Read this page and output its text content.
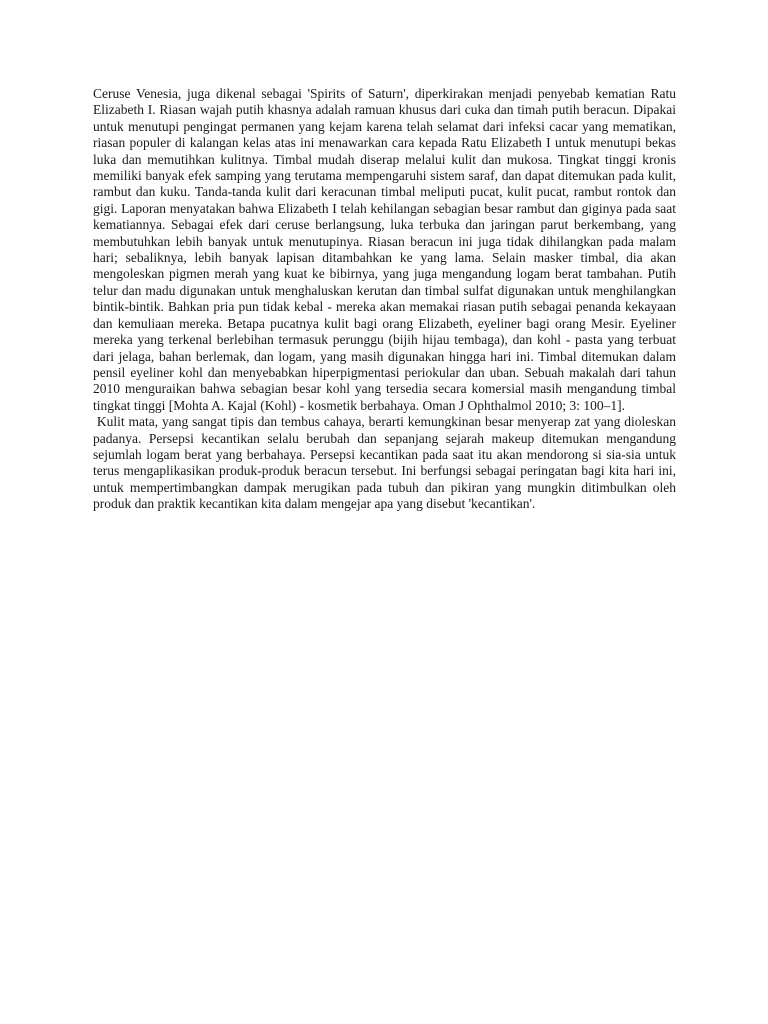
Ceruse Venesia, juga dikenal sebagai 'Spirits of Saturn', diperkirakan menjadi penyebab kematian Ratu Elizabeth I. Riasan wajah putih khasnya adalah ramuan khusus dari cuka dan timah putih beracun. Dipakai untuk menutupi pengingat permanen yang kejam karena telah selamat dari infeksi cacar yang mematikan, riasan populer di kalangan kelas atas ini menawarkan cara kepada Ratu Elizabeth I untuk menutupi bekas luka dan memutihkan kulitnya. Timbal mudah diserap melalui kulit dan mukosa. Tingkat tinggi kronis memiliki banyak efek samping yang terutama mempengaruhi sistem saraf, dan dapat ditemukan pada kulit, rambut dan kuku. Tanda-tanda kulit dari keracunan timbal meliputi pucat, kulit pucat, rambut rontok dan gigi. Laporan menyatakan bahwa Elizabeth I telah kehilangan sebagian besar rambut dan giginya pada saat kematiannya. Sebagai efek dari ceruse berlangsung, luka terbuka dan jaringan parut berkembang, yang membutuhkan lebih banyak untuk menutupinya. Riasan beracun ini juga tidak dihilangkan pada malam hari; sebaliknya, lebih banyak lapisan ditambahkan ke yang lama. Selain masker timbal, dia akan mengoleskan pigmen merah yang kuat ke bibirnya, yang juga mengandung logam berat tambahan. Putih telur dan madu digunakan untuk menghaluskan kerutan dan timbal sulfat digunakan untuk menghilangkan bintik-bintik. Bahkan pria pun tidak kebal - mereka akan memakai riasan putih sebagai penanda kekayaan dan kemuliaan mereka. Betapa pucatnya kulit bagi orang Elizabeth, eyeliner bagi orang Mesir. Eyeliner mereka yang terkenal berlebihan termasuk perunggu (bijih hijau tembaga), dan kohl - pasta yang terbuat dari jelaga, bahan berlemak, dan logam, yang masih digunakan hingga hari ini. Timbal ditemukan dalam pensil eyeliner kohl dan menyebabkan hiperpigmentasi periokular dan uban. Sebuah makalah dari tahun 2010 menguraikan bahwa sebagian besar kohl yang tersedia secara komersial masih mengandung timbal tingkat tinggi [Mohta A. Kajal (Kohl) - kosmetik berbahaya. Oman J Ophthalmol 2010; 3: 100–1].

Kulit mata, yang sangat tipis dan tembus cahaya, berarti kemungkinan besar menyerap zat yang dioleskan padanya. Persepsi kecantikan selalu berubah dan sepanjang sejarah makeup ditemukan mengandung sejumlah logam berat yang berbahaya. Persepsi kecantikan pada saat itu akan mendorong si sia-sia untuk terus mengaplikasikan produk-produk beracun tersebut. Ini berfungsi sebagai peringatan bagi kita hari ini, untuk mempertimbangkan dampak merugikan pada tubuh dan pikiran yang mungkin ditimbulkan oleh produk dan praktik kecantikan kita dalam mengejar apa yang disebut 'kecantikan'.
